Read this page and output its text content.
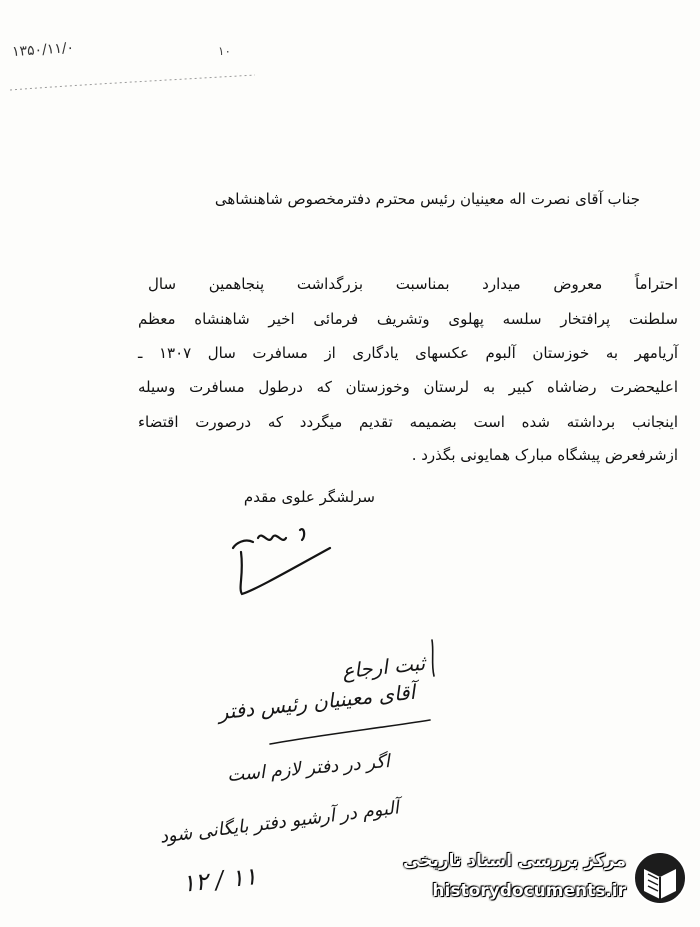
۱۳۵۰/۱۱/۰	۱۰
جناب آقای نصرت اله معینیان رئیس محترم دفترمخصوص شاهنشاهی
احتراماً معروض میدارد بمناسبت بزرگداشت پنجاهمین سال
سلطنت پرافتخار سلسه پهلوی وتشریف فرمائی اخیر شاهنشاه معظم
آریامهر به خوزستان آلبوم عکسهای یادگاری از مسافرت سال ۱۳۰۷ ـ
اعلیحضرت رضاشاه کبیر به لرستان وخوزستان که درطول مسافرت وسیله
اینجانب برداشته شده است بضمیمه تقدیم میگردد که درصورت اقتضاء
ازشرفعرض پیشگاه مبارک همایونی بگذرد .
سرلشگر علوی مقدم
ثبت ارجاع
آقای معینیان رئیس دفتر
اگر در دفتر لازم است
آلبوم در آرشیو دفتر بایگانی شود
۱۲ / ۱۱
مرکز بررسی اسناد تاریخی
historydocuments.ir
